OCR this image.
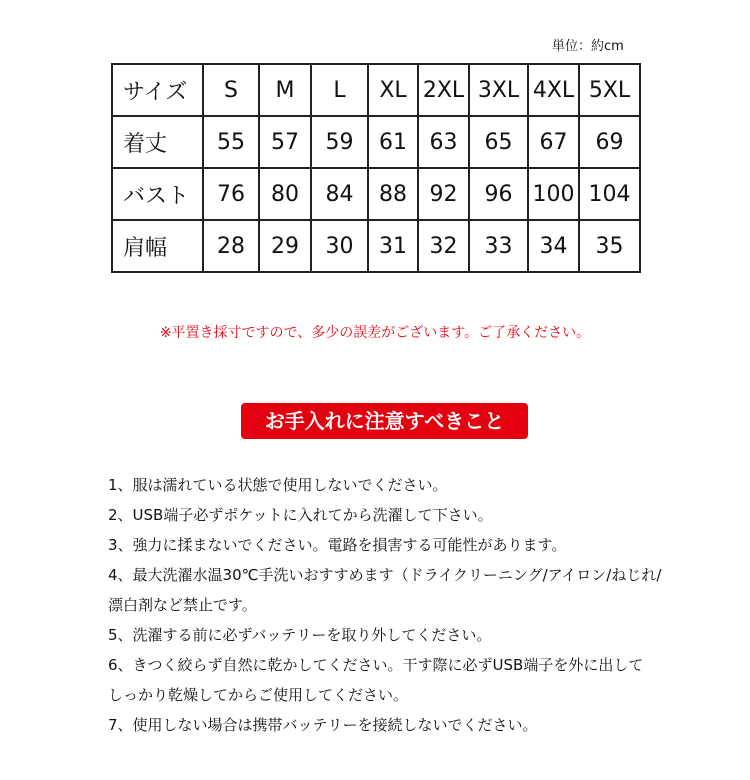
単位：約cm
サイズ	S	M	L	XL	2XL	3XL	4XL	5XL
着丈	55	57	59	61	63	65	67	69
バスト	76	80	84	88	92	96	100	104
肩幅	28	29	30	31	32	33	34	35
※平置き採寸ですので、多少の誤差がございます。ご了承ください。
お手入れに注意すべきこと
1、服は濡れている状態で使用しないでください。
2、USB端子必ずポケットに入れてから洗濯して下さい。
3、強力に揉まないでください。電路を損害する可能性があります。
4、最大洗濯水温30℃手洗いおすすめます（ドライクリーニング/アイロン/ねじれ/
漂白剤など禁止です。
5、洗濯する前に必ずバッテリーを取り外してください。
6、きつく絞らず自然に乾かしてください。干す際に必ずUSB端子を外に出して
しっかり乾燥してからご使用してください。
7、使用しない場合は携帯バッテリーを接続しないでください。
